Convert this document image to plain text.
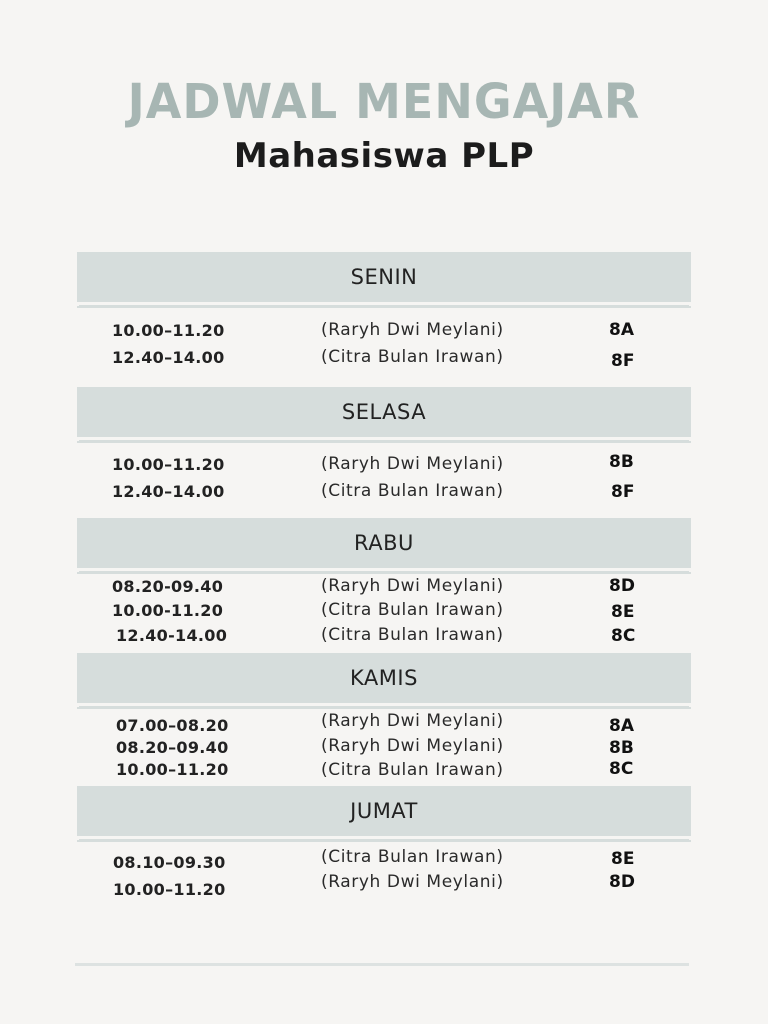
JADWAL MENGAJAR
Mahasiswa PLP
SENIN
10.00–11.20	(Raryh Dwi Meylani)	8A
12.40–14.00	(Citra Bulan Irawan)	8F
SELASA
10.00–11.20	(Raryh Dwi Meylani)	8B
12.40–14.00	(Citra Bulan Irawan)	8F
RABU
08.20-09.40	(Raryh Dwi Meylani)	8D
10.00-11.20	(Citra Bulan Irawan)	8E
12.40-14.00	(Citra Bulan Irawan)	8C
KAMIS
07.00–08.20	(Raryh Dwi Meylani)	8A
08.20–09.40	(Raryh Dwi Meylani)	8B
10.00–11.20	(Citra Bulan Irawan)	8C
JUMAT
08.10–09.30	(Citra Bulan Irawan)	8E
10.00–11.20	(Raryh Dwi Meylani)	8D
